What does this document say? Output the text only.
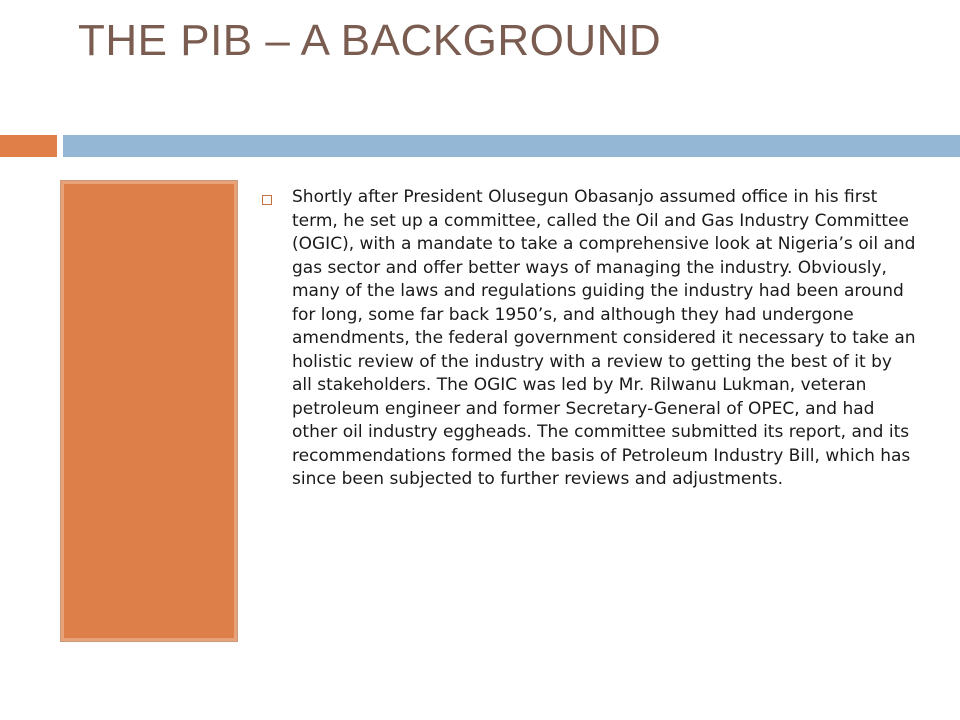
THE PIB – A BACKGROUND
Shortly after President Olusegun Obasanjo assumed office in his first term, he set up a committee, called the Oil and Gas Industry Committee (OGIC), with a mandate to take a comprehensive look at Nigeria’s oil and gas sector and offer better ways of managing the industry. Obviously, many of the laws and regulations guiding the industry had been around for long, some far back 1950’s, and although they had undergone amendments, the federal government considered it necessary to take an holistic review of the industry with a review to getting the best of it by all stakeholders. The OGIC was led by Mr. Rilwanu Lukman, veteran petroleum engineer and former Secretary-General of OPEC, and had other oil industry eggheads. The committee submitted its report, and its recommendations formed the basis of Petroleum Industry Bill, which has since been subjected to further reviews and adjustments.
